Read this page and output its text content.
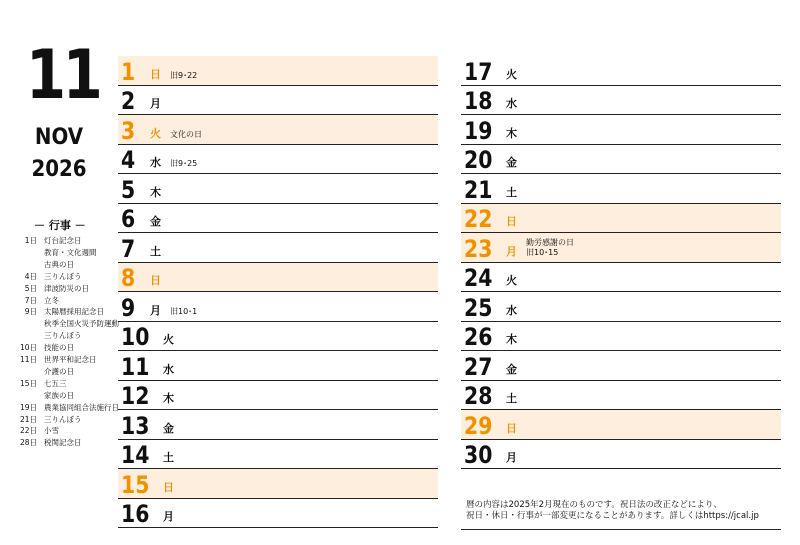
11
NOV
2026
－ 行事 －
1日 灯台記念日
教育・文化週間
古典の日
4日 三りんぼう
5日 津波防災の日
7日 立冬
9日 太陽暦採用記念日
秋季全国火災予防運動
三りんぼう
10日 技能の日
11日 世界平和記念日
介護の日
15日 七五三
家族の日
19日 農業協同組合法施行日
21日 三りんぼう
22日 小雪
28日 税関記念日
1 日 旧9･22
2 月
3 火 文化の日
4 水 旧9･25
5 木
6 金
7 土
8 日
9 月 旧10･1
10 火
11 水
12 木
13 金
14 土
15 日
16 月
17 火
18 水
19 木
20 金
21 土
22 日
23 月 旧10･15
勤労感謝の日
24 火
25 水
26 木
27 金
28 土
29 日
30 月
暦の内容は2025年2月現在のものです。祝日法の改正などにより、
祝日・休日・行事が一部変更になることがあります。詳しくはhttps://jcal.jp
